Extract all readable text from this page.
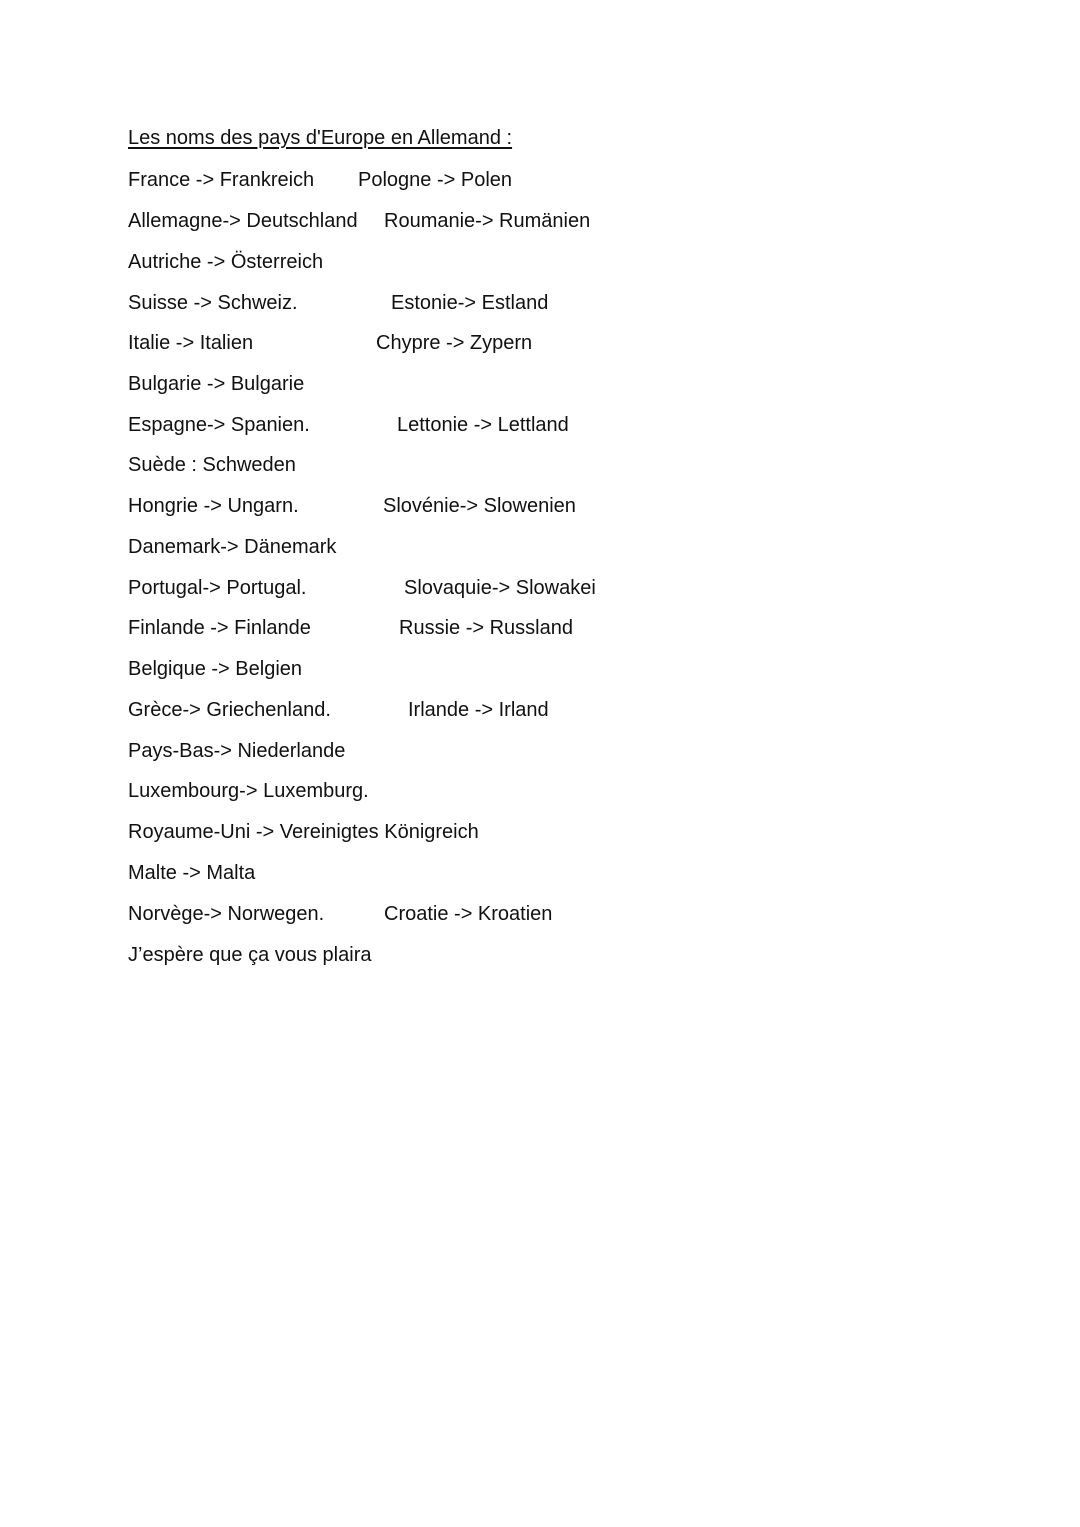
Les noms des pays d'Europe en Allemand :
France -> Frankreich Pologne -> Polen
Allemagne-> Deutschland Roumanie-> Rumänien
Autriche -> Österreich
Suisse -> Schweiz.	Estonie-> Estland
Italie -> Italien	Chypre -> Zypern
Bulgarie -> Bulgarie
Espagne-> Spanien.	Lettonie -> Lettland
Suède : Schweden
Hongrie -> Ungarn.	Slovénie-> Slowenien
Danemark-> Dänemark
Portugal-> Portugal.	Slovaquie-> Slowakei
Finlande -> Finlande	Russie -> Russland
Belgique -> Belgien
Grèce-> Griechenland.	Irlande -> Irland
Pays-Bas-> Niederlande
Luxembourg-> Luxemburg.
Royaume-Uni -> Vereinigtes Königreich
Malte -> Malta
Norvège-> Norwegen.	Croatie -> Kroatien
J’espère que ça vous plaira
